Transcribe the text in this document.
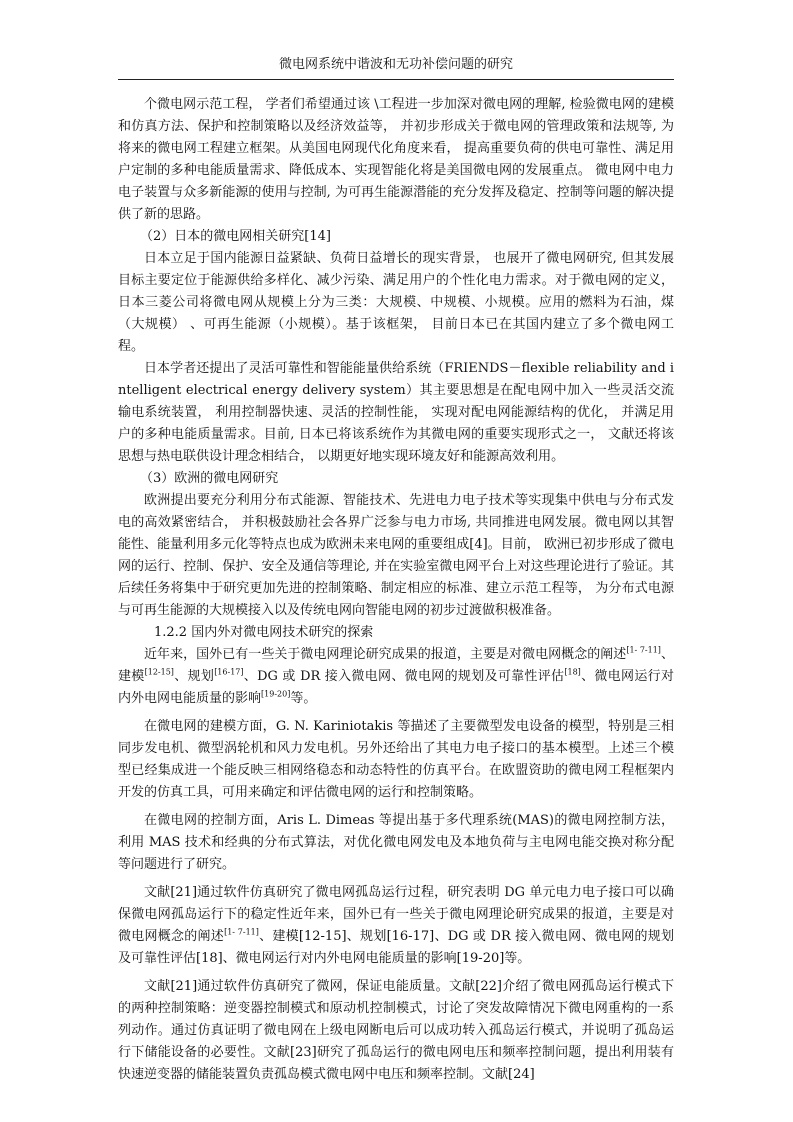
微电网系统中谐波和无功补偿问题的研究

个微电网示范工程， 学者们希望通过该 \工程进一步加深对微电网的理解, 检验微电网的建模和仿真方法、保护和控制策略以及经济效益等， 并初步形成关于微电网的管理政策和法规等, 为将来的微电网工程建立框架。从美国电网现代化角度来看， 提高重要负荷的供电可靠性、满足用户定制的多种电能质量需求、降低成本、实现智能化将是美国微电网的发展重点。 微电网中电力电子装置与众多新能源的使用与控制, 为可再生能源潜能的充分发挥及稳定、控制等问题的解决提供了新的思路。

（2）日本的微电网相关研究[14]

日本立足于国内能源日益紧缺、负荷日益增长的现实背景， 也展开了微电网研究, 但其发展目标主要定位于能源供给多样化、减少污染、满足用户的个性化电力需求。对于微电网的定义， 日本三菱公司将微电网从规模上分为三类：大规模、中规模、小规模。应用的燃料为石油，煤（大规模） 、可再生能源（小规模）。基于该框架， 目前日本已在其国内建立了多个微电网工程。

日本学者还提出了灵活可靠性和智能能量供给系统（FRIENDS－flexible reliability and intelligent electrical energy delivery system）其主要思想是在配电网中加入一些灵活交流输电系统装置， 利用控制器快速、灵活的控制性能， 实现对配电网能源结构的优化， 并满足用户的多种电能质量需求。目前, 日本已将该系统作为其微电网的重要实现形式之一， 文献还将该思想与热电联供设计理念相结合， 以期更好地实现环境友好和能源高效利用。

（3）欧洲的微电网研究

欧洲提出要充分利用分布式能源、智能技术、先进电力电子技术等实现集中供电与分布式发电的高效紧密结合， 并积极鼓励社会各界广泛参与电力市场, 共同推进电网发展。微电网以其智能性、能量利用多元化等特点也成为欧洲未来电网的重要组成[4]。目前， 欧洲已初步形成了微电网的运行、控制、保护、安全及通信等理论, 并在实验室微电网平台上对这些理论进行了验证。其后续任务将集中于研究更加先进的控制策略、制定相应的标准、建立示范工程等， 为分布式电源与可再生能源的大规模接入以及传统电网向智能电网的初步过渡做积极准备。

1.2.2 国内外对微电网技术研究的探索

近年来，国外已有一些关于微电网理论研究成果的报道，主要是对微电网概念的阐述[1- 7-11]、建模[12-15]、规划[16-17]、DG 或 DR 接入微电网、微电网的规划及可靠性评估[18]、微电网运行对内外电网电能质量的影响[19-20]等。

在微电网的建模方面，G. N. Kariniotakis 等描述了主要微型发电设备的模型，特别是三相同步发电机、微型涡轮机和风力发电机。另外还给出了其电力电子接口的基本模型。上述三个模型已经集成进一个能反映三相网络稳态和动态特性的仿真平台。在欧盟资助的微电网工程框架内开发的仿真工具，可用来确定和评估微电网的运行和控制策略。

在微电网的控制方面，Aris L. Dimeas 等提出基于多代理系统(MAS)的微电网控制方法，利用 MAS 技术和经典的分布式算法，对优化微电网发电及本地负荷与主电网电能交换对称分配等问题进行了研究。

文献[21]通过软件仿真研究了微电网孤岛运行过程，研究表明 DG 单元电力电子接口可以确保微电网孤岛运行下的稳定性近年来，国外已有一些关于微电网理论研究成果的报道，主要是对微电网概念的阐述[1- 7-11]、建模[12-15]、规划[16-17]、DG 或 DR 接入微电网、微电网的规划及可靠性评估[18]、微电网运行对内外电网电能质量的影响[19-20]等。

文献[21]通过软件仿真研究了微网，保证电能质量。文献[22]介绍了微电网孤岛运行模式下的两种控制策略：逆变器控制模式和原动机控制模式，讨论了突发故障情况下微电网重构的一系列动作。通过仿真证明了微电网在上级电网断电后可以成功转入孤岛运行模式，并说明了孤岛运行下储能设备的必要性。文献[23]研究了孤岛运行的微电网电压和频率控制问题，提出利用装有快速逆变器的储能装置负责孤岛模式微电网中电压和频率控制。文献[24]
